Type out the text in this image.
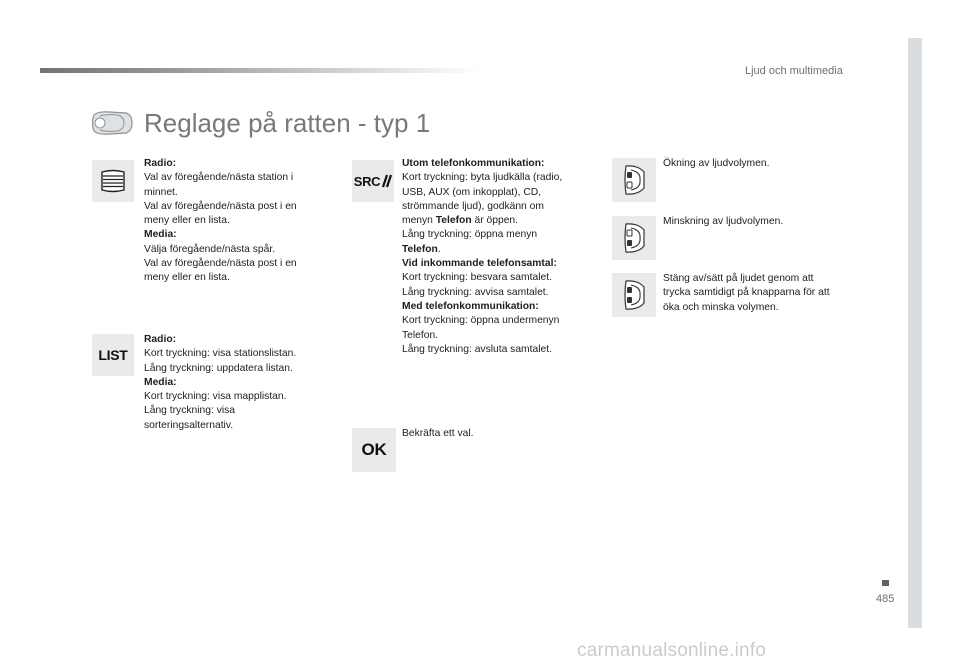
Ljud och multimedia
Reglage på ratten - typ 1
Radio:
Val av föregående/nästa station i
minnet.
Val av föregående/nästa post i en
meny eller en lista.
Media:
Välja föregående/nästa spår.
Val av föregående/nästa post i en
meny eller en lista.
LIST
Radio:
Kort tryckning: visa stationslistan.
Lång tryckning: uppdatera listan.
Media:
Kort tryckning: visa mapplistan.
Lång tryckning: visa
sorteringsalternativ.
SRC
Utom telefonkommunikation:
Kort tryckning: byta ljudkälla (radio,
USB, AUX (om inkopplat), CD,
strömmande ljud), godkänn om
menyn Telefon är öppen.
Lång tryckning: öppna menyn
Telefon.
Vid inkommande telefonsamtal:
Kort tryckning: besvara samtalet.
Lång tryckning: avvisa samtalet.
Med telefonkommunikation:
Kort tryckning: öppna undermenyn
Telefon.
Lång tryckning: avsluta samtalet.
OK
Bekräfta ett val.
Ökning av ljudvolymen.
Minskning av ljudvolymen.
Stäng av/sätt på ljudet genom att
trycka samtidigt på knapparna för att
öka och minska volymen.
485
carmanualsonline.info
